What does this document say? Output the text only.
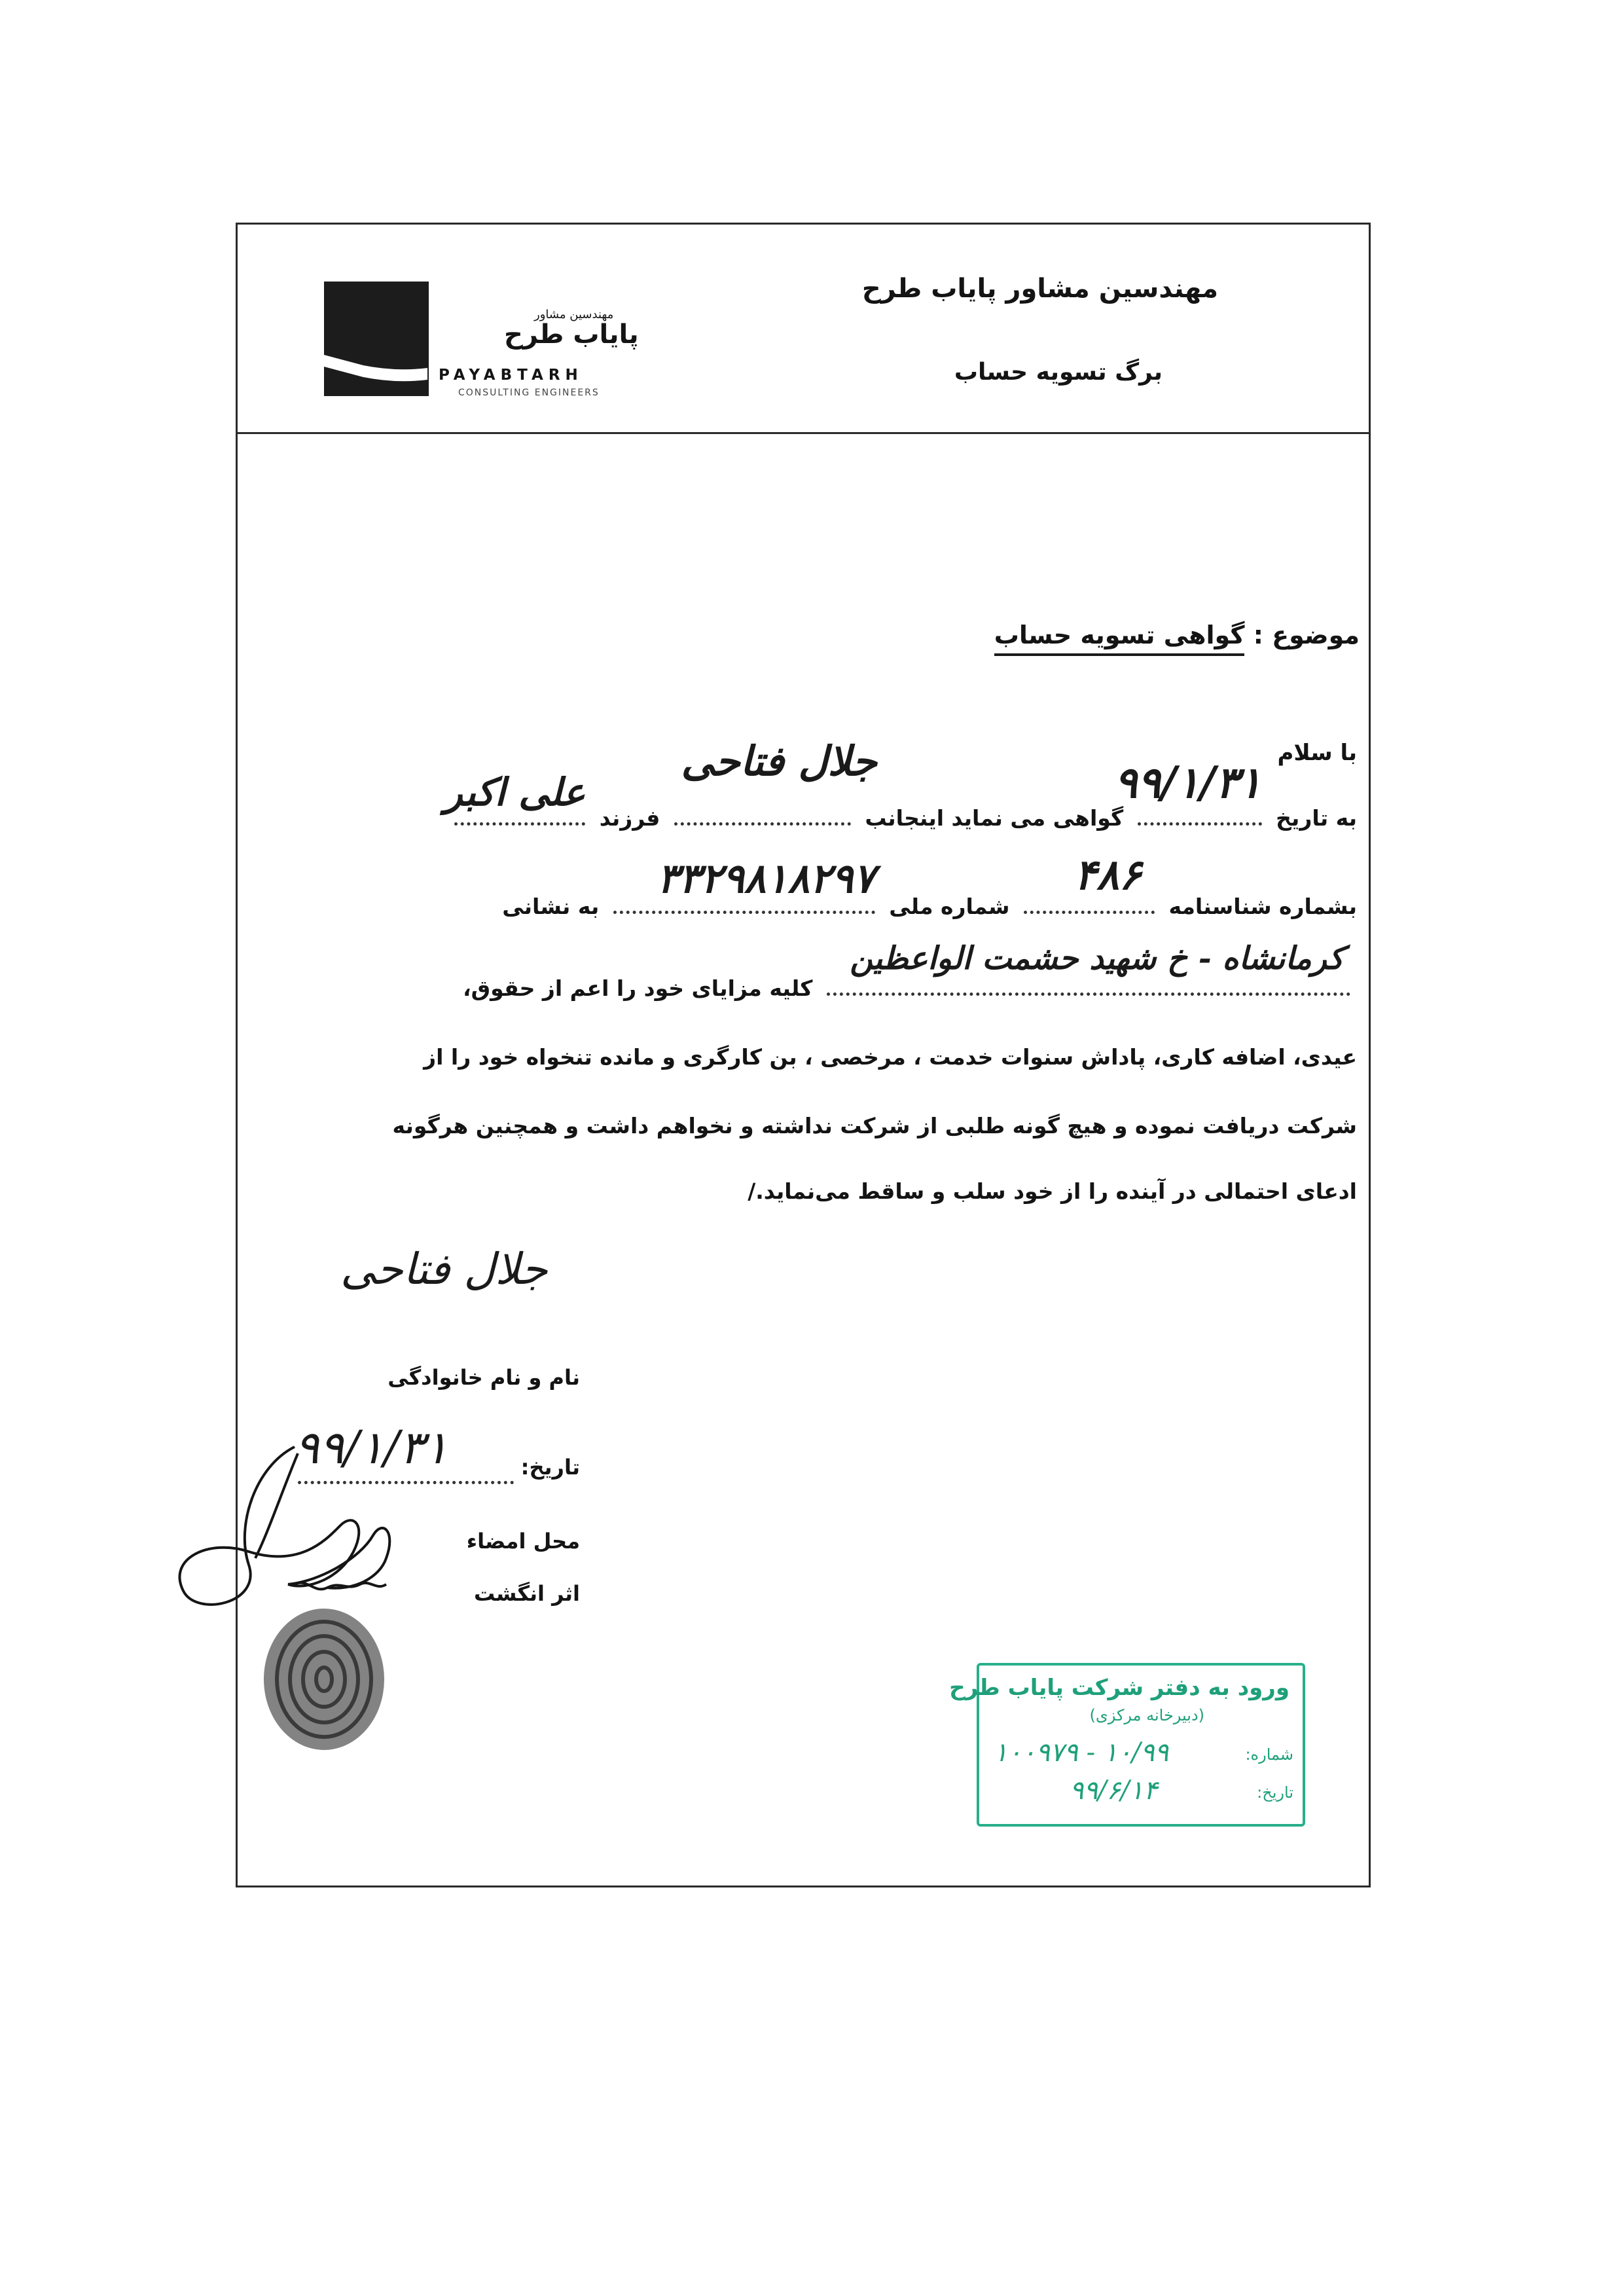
مهندسین مشاور پایاب طرح
برگ تسویه حساب
مهندسین مشاور
پایاب طرح
PAYABTARH
CONSULTING ENGINEERS
موضوع : گواهی تسویه حساب
با سلام
به تاریخ
۹۹/۱/۳۱
گواهی می نماید اینجانب
جلال فتاحی
فرزند
علی اکبر
بشماره شناسنامه
۴۸۶
شماره ملی
۳۳۲۹۸۱۸۲۹۷
به نشانی
کرمانشاه - خ شهید حشمت الواعظین
کلیه مزایای خود را اعم از حقوق،
عیدی، اضافه کاری، پاداش سنوات خدمت ، مرخصی ، بن کارگری و مانده تنخواه خود را از
شرکت دریافت نموده و هیچ گونه طلبی از شرکت نداشته و نخواهم داشت و همچنین هرگونه
ادعای احتمالی در آینده را از خود سلب و ساقط می‌نماید./
جلال فتاحی
نام و نام خانوادگی
تاریخ:
۹۹/۱/۳۱
محل امضاء
اثر انگشت
ورود به دفتر شرکت پایاب طرح
(دبیرخانه مرکزی)
شماره:
تاریخ:
۱۰/۹۹ - ۱۰۰۹۷۹
۹۹/۶/۱۴
